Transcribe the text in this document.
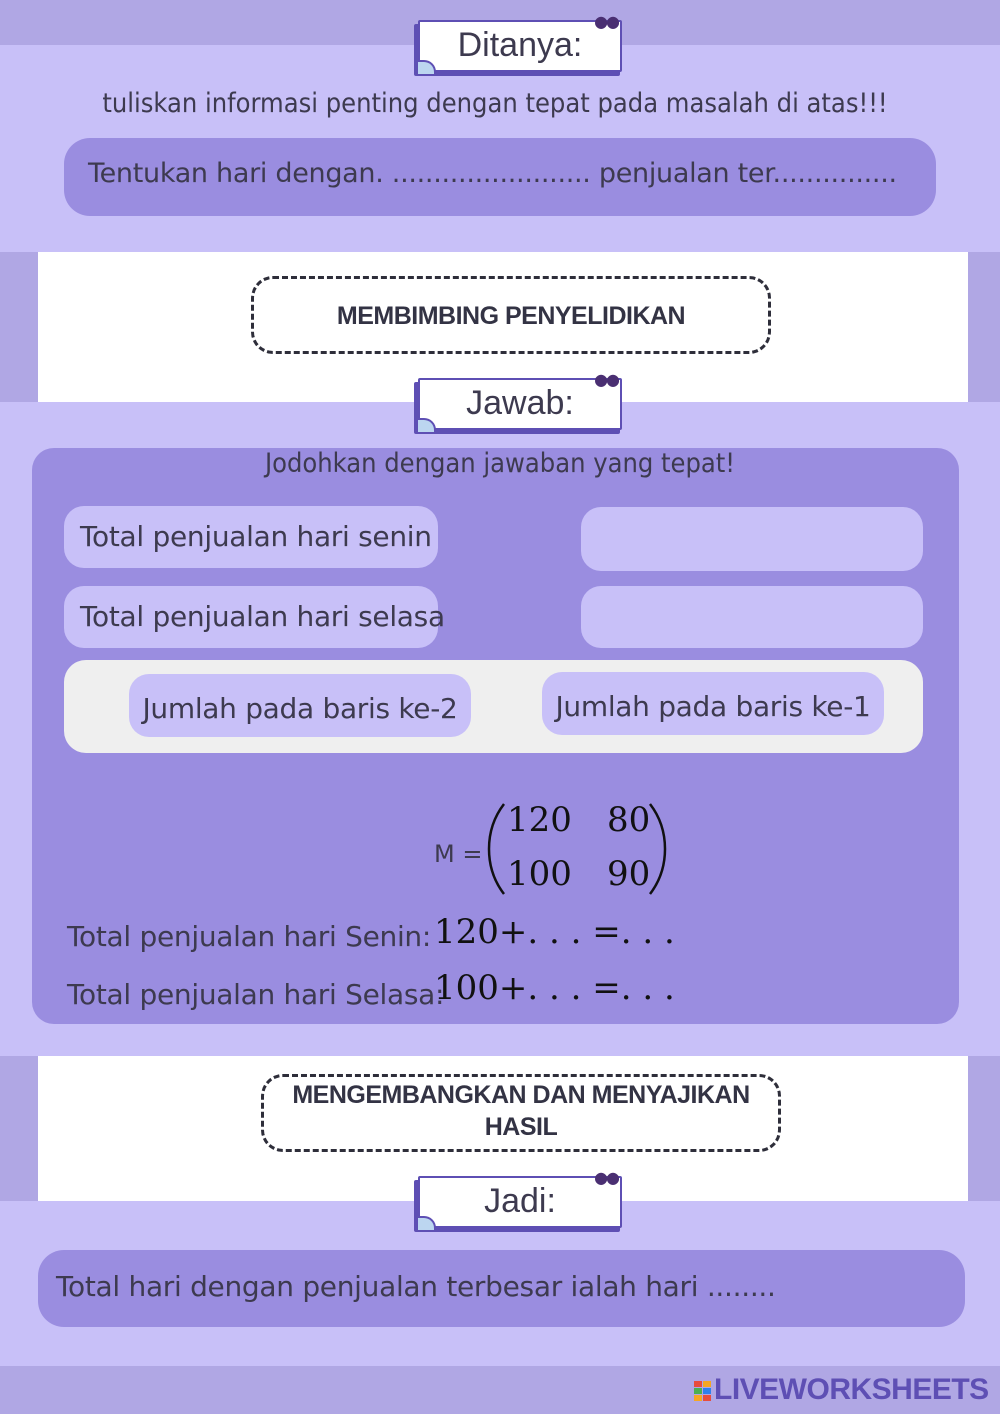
Ditanya:
●●
tuliskan informasi penting dengan tepat pada masalah di atas!!!
Tentukan hari dengan. ........................ penjualan ter...............
MEMBIMBING PENYELIDIKAN
Jawab:
●●
Jodohkan dengan jawaban yang tepat!
Total penjualan hari senin
Total penjualan hari selasa
Jumlah pada baris ke-2	Jumlah pada baris ke-1
M =
120 80
100 90
Total penjualan hari Senin: 120+. . . =. . .
Total penjualan hari Selasa:
100+. . . =. . .
MENGEMBANGKAN DAN MENYAJIKAN
HASIL
Jadi:
●●
Total hari dengan penjualan terbesar ialah hari ........
LIVEWORKSHEETS
